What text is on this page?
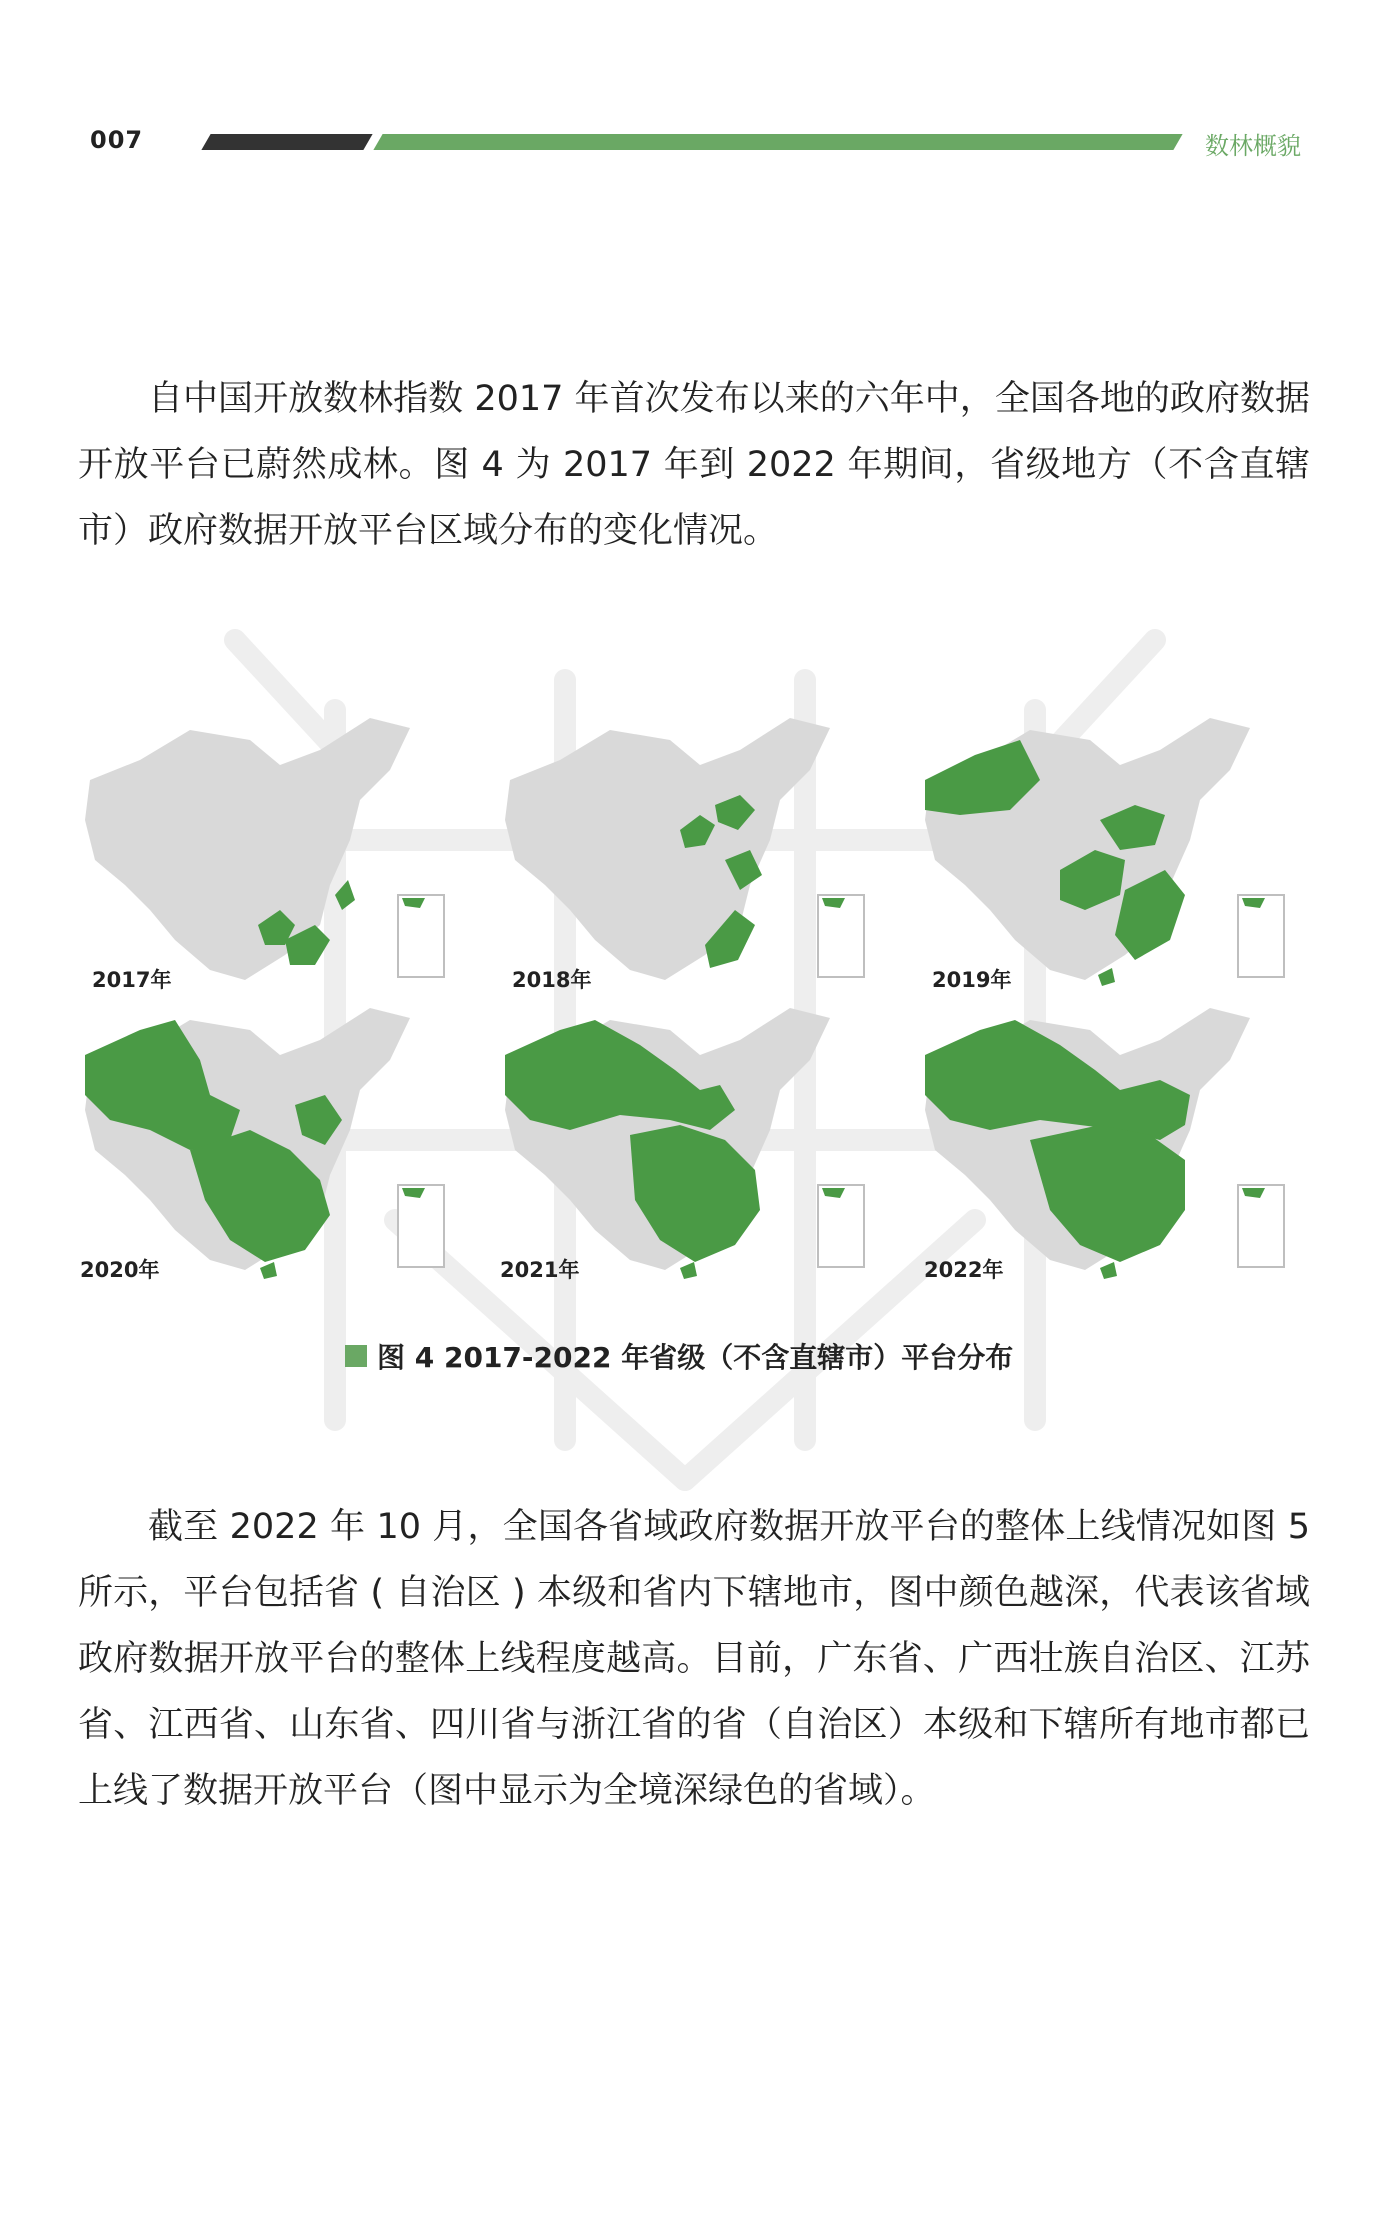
007	数林概貌

自中国开放数林指数 2017 年首次发布以来的六年中，全国各地的政府数据开放平台已蔚然成林。图 4 为 2017 年到 2022 年期间，省级地方（不含直辖市）政府数据开放平台区域分布的变化情况。

2017年	2018年	2019年
2020年	2021年	2022年
图 4 2017-2022 年省级（不含直辖市）平台分布

截至 2022 年 10 月，全国各省域政府数据开放平台的整体上线情况如图 5 所示，平台包括省 ( 自治区 ) 本级和省内下辖地市，图中颜色越深，代表该省域政府数据开放平台的整体上线程度越高。目前，广东省、广西壮族自治区、江苏省、江西省、山东省、四川省与浙江省的省（自治区）本级和下辖所有地市都已上线了数据开放平台（图中显示为全境深绿色的省域）。
